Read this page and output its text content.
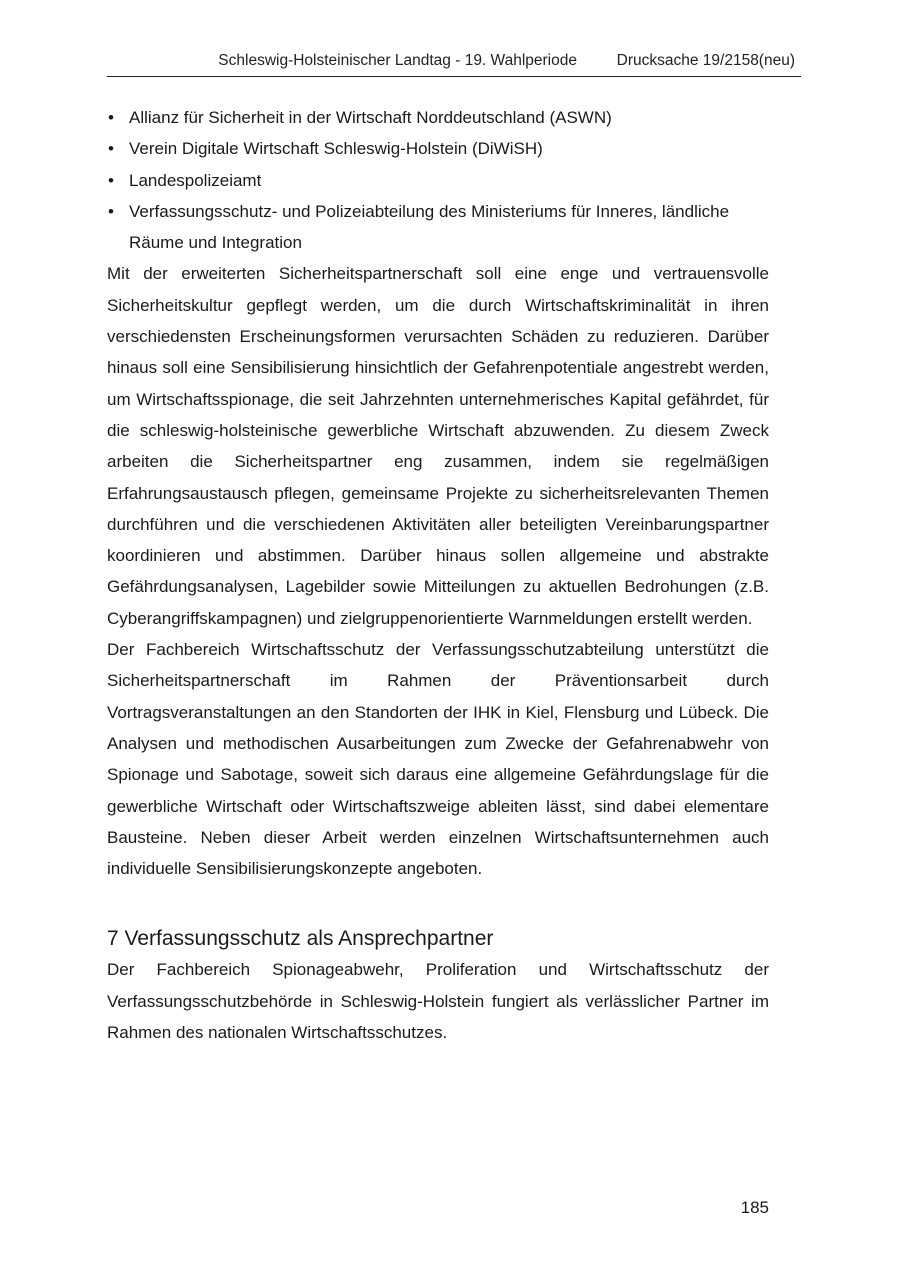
Schleswig-Holsteinischer Landtag - 19. Wahlperiode	Drucksache 19/2158(neu)
• Allianz für Sicherheit in der Wirtschaft Norddeutschland (ASWN)
• Verein Digitale Wirtschaft Schleswig-Holstein (DiWiSH)
• Landespolizeiamt
• Verfassungsschutz- und Polizeiabteilung des Ministeriums für Inneres, ländliche Räume und Integration

Mit der erweiterten Sicherheitspartnerschaft soll eine enge und vertrauensvolle Sicherheitskultur gepflegt werden, um die durch Wirtschaftskriminalität in ihren verschiedensten Erscheinungsformen verursachten Schäden zu reduzieren. Darüber hinaus soll eine Sensibilisierung hinsichtlich der Gefahrenpotentiale angestrebt werden, um Wirtschaftsspionage, die seit Jahrzehnten unternehmerisches Kapital gefährdet, für die schleswig-holsteinische gewerbliche Wirtschaft abzuwenden. Zu diesem Zweck arbeiten die Sicherheitspartner eng zusammen, indem sie regelmäßigen Erfahrungsaustausch pflegen, gemeinsame Projekte zu sicherheitsrelevanten Themen durchführen und die verschiedenen Aktivitäten aller beteiligten Vereinbarungspartner koordinieren und abstimmen. Darüber hinaus sollen allgemeine und abstrakte Gefährdungsanalysen, Lagebilder sowie Mitteilungen zu aktuellen Bedrohungen (z.B. Cyberangriffskampagnen) und zielgruppenorientierte Warnmeldungen erstellt werden.

Der Fachbereich Wirtschaftsschutz der Verfassungsschutzabteilung unterstützt die Sicherheitspartnerschaft im Rahmen der Präventionsarbeit durch Vortragsveranstaltungen an den Standorten der IHK in Kiel, Flensburg und Lübeck. Die Analysen und methodischen Ausarbeitungen zum Zwecke der Gefahrenabwehr von Spionage und Sabotage, soweit sich daraus eine allgemeine Gefährdungslage für die gewerbliche Wirtschaft oder Wirtschaftszweige ableiten lässt, sind dabei elementare Bausteine. Neben dieser Arbeit werden einzelnen Wirtschaftsunternehmen auch individuelle Sensibilisierungskonzepte angeboten.

7 Verfassungsschutz als Ansprechpartner

Der Fachbereich Spionageabwehr, Proliferation und Wirtschaftsschutz der Verfassungsschutzbehörde in Schleswig-Holstein fungiert als verlässlicher Partner im Rahmen des nationalen Wirtschaftsschutzes.

185
